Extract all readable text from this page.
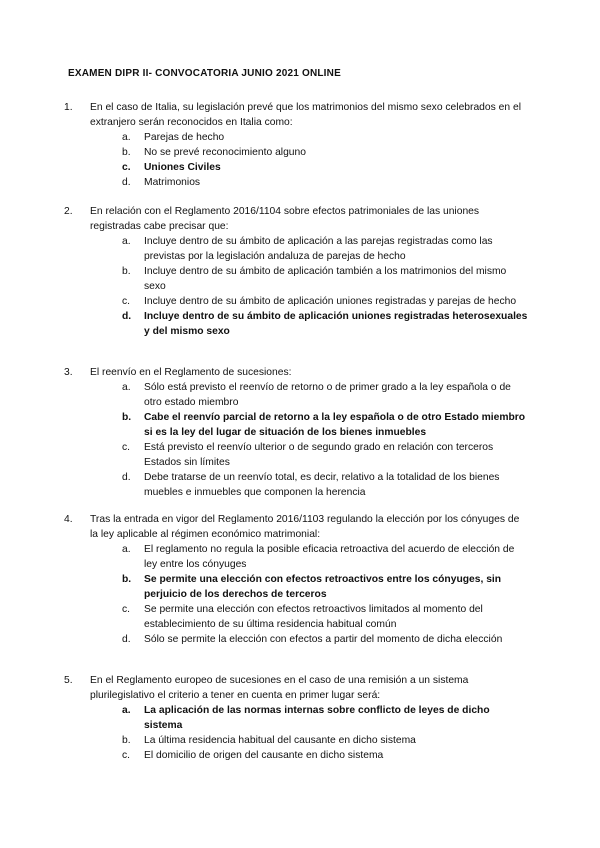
EXAMEN DIPR II- CONVOCATORIA JUNIO 2021 ONLINE
1. En el caso de Italia, su legislación prevé que los matrimonios del mismo sexo celebrados en el extranjero serán reconocidos en Italia como:

a. Parejas de hecho
b. No se prevé reconocimiento alguno
c. Uniones Civiles
d. Matrimonios
2. En relación con el Reglamento 2016/1104 sobre efectos patrimoniales de las uniones registradas cabe precisar que:

a. Incluye dentro de su ámbito de aplicación a las parejas registradas como las previstas por la legislación andaluza de parejas de hecho
b. Incluye dentro de su ámbito de aplicación también a los matrimonios del mismo sexo
c. Incluye dentro de su ámbito de aplicación uniones registradas y parejas de hecho
d. Incluye dentro de su ámbito de aplicación uniones registradas heterosexuales y del mismo sexo
3. El reenvío en el Reglamento de sucesiones:

a. Sólo está previsto el reenvío de retorno o de primer grado a la ley española o de otro estado miembro
b. Cabe el reenvío parcial de retorno a la ley española o de otro Estado miembro si es la ley del lugar de situación de los bienes inmuebles
c. Está previsto el reenvío ulterior o de segundo grado en relación con terceros Estados sin límites
d. Debe tratarse de un reenvío total, es decir, relativo a la totalidad de los bienes muebles e inmuebles que componen la herencia
4. Tras la entrada en vigor del Reglamento 2016/1103 regulando la elección por los cónyuges de la ley aplicable al régimen económico matrimonial:

a. El reglamento no regula la posible eficacia retroactiva del acuerdo de elección de ley entre los cónyuges
b. Se permite una elección con efectos retroactivos entre los cónyuges, sin perjuicio de los derechos de terceros
c. Se permite una elección con efectos retroactivos limitados al momento del establecimiento de su última residencia habitual común
d. Sólo se permite la elección con efectos a partir del momento de dicha elección
5. En el Reglamento europeo de sucesiones en el caso de una remisión a un sistema plurilegislativo el criterio a tener en cuenta en primer lugar será:

a. La aplicación de las normas internas sobre conflicto de leyes de dicho sistema
b. La última residencia habitual del causante en dicho sistema
c. El domicilio de origen del causante en dicho sistema
